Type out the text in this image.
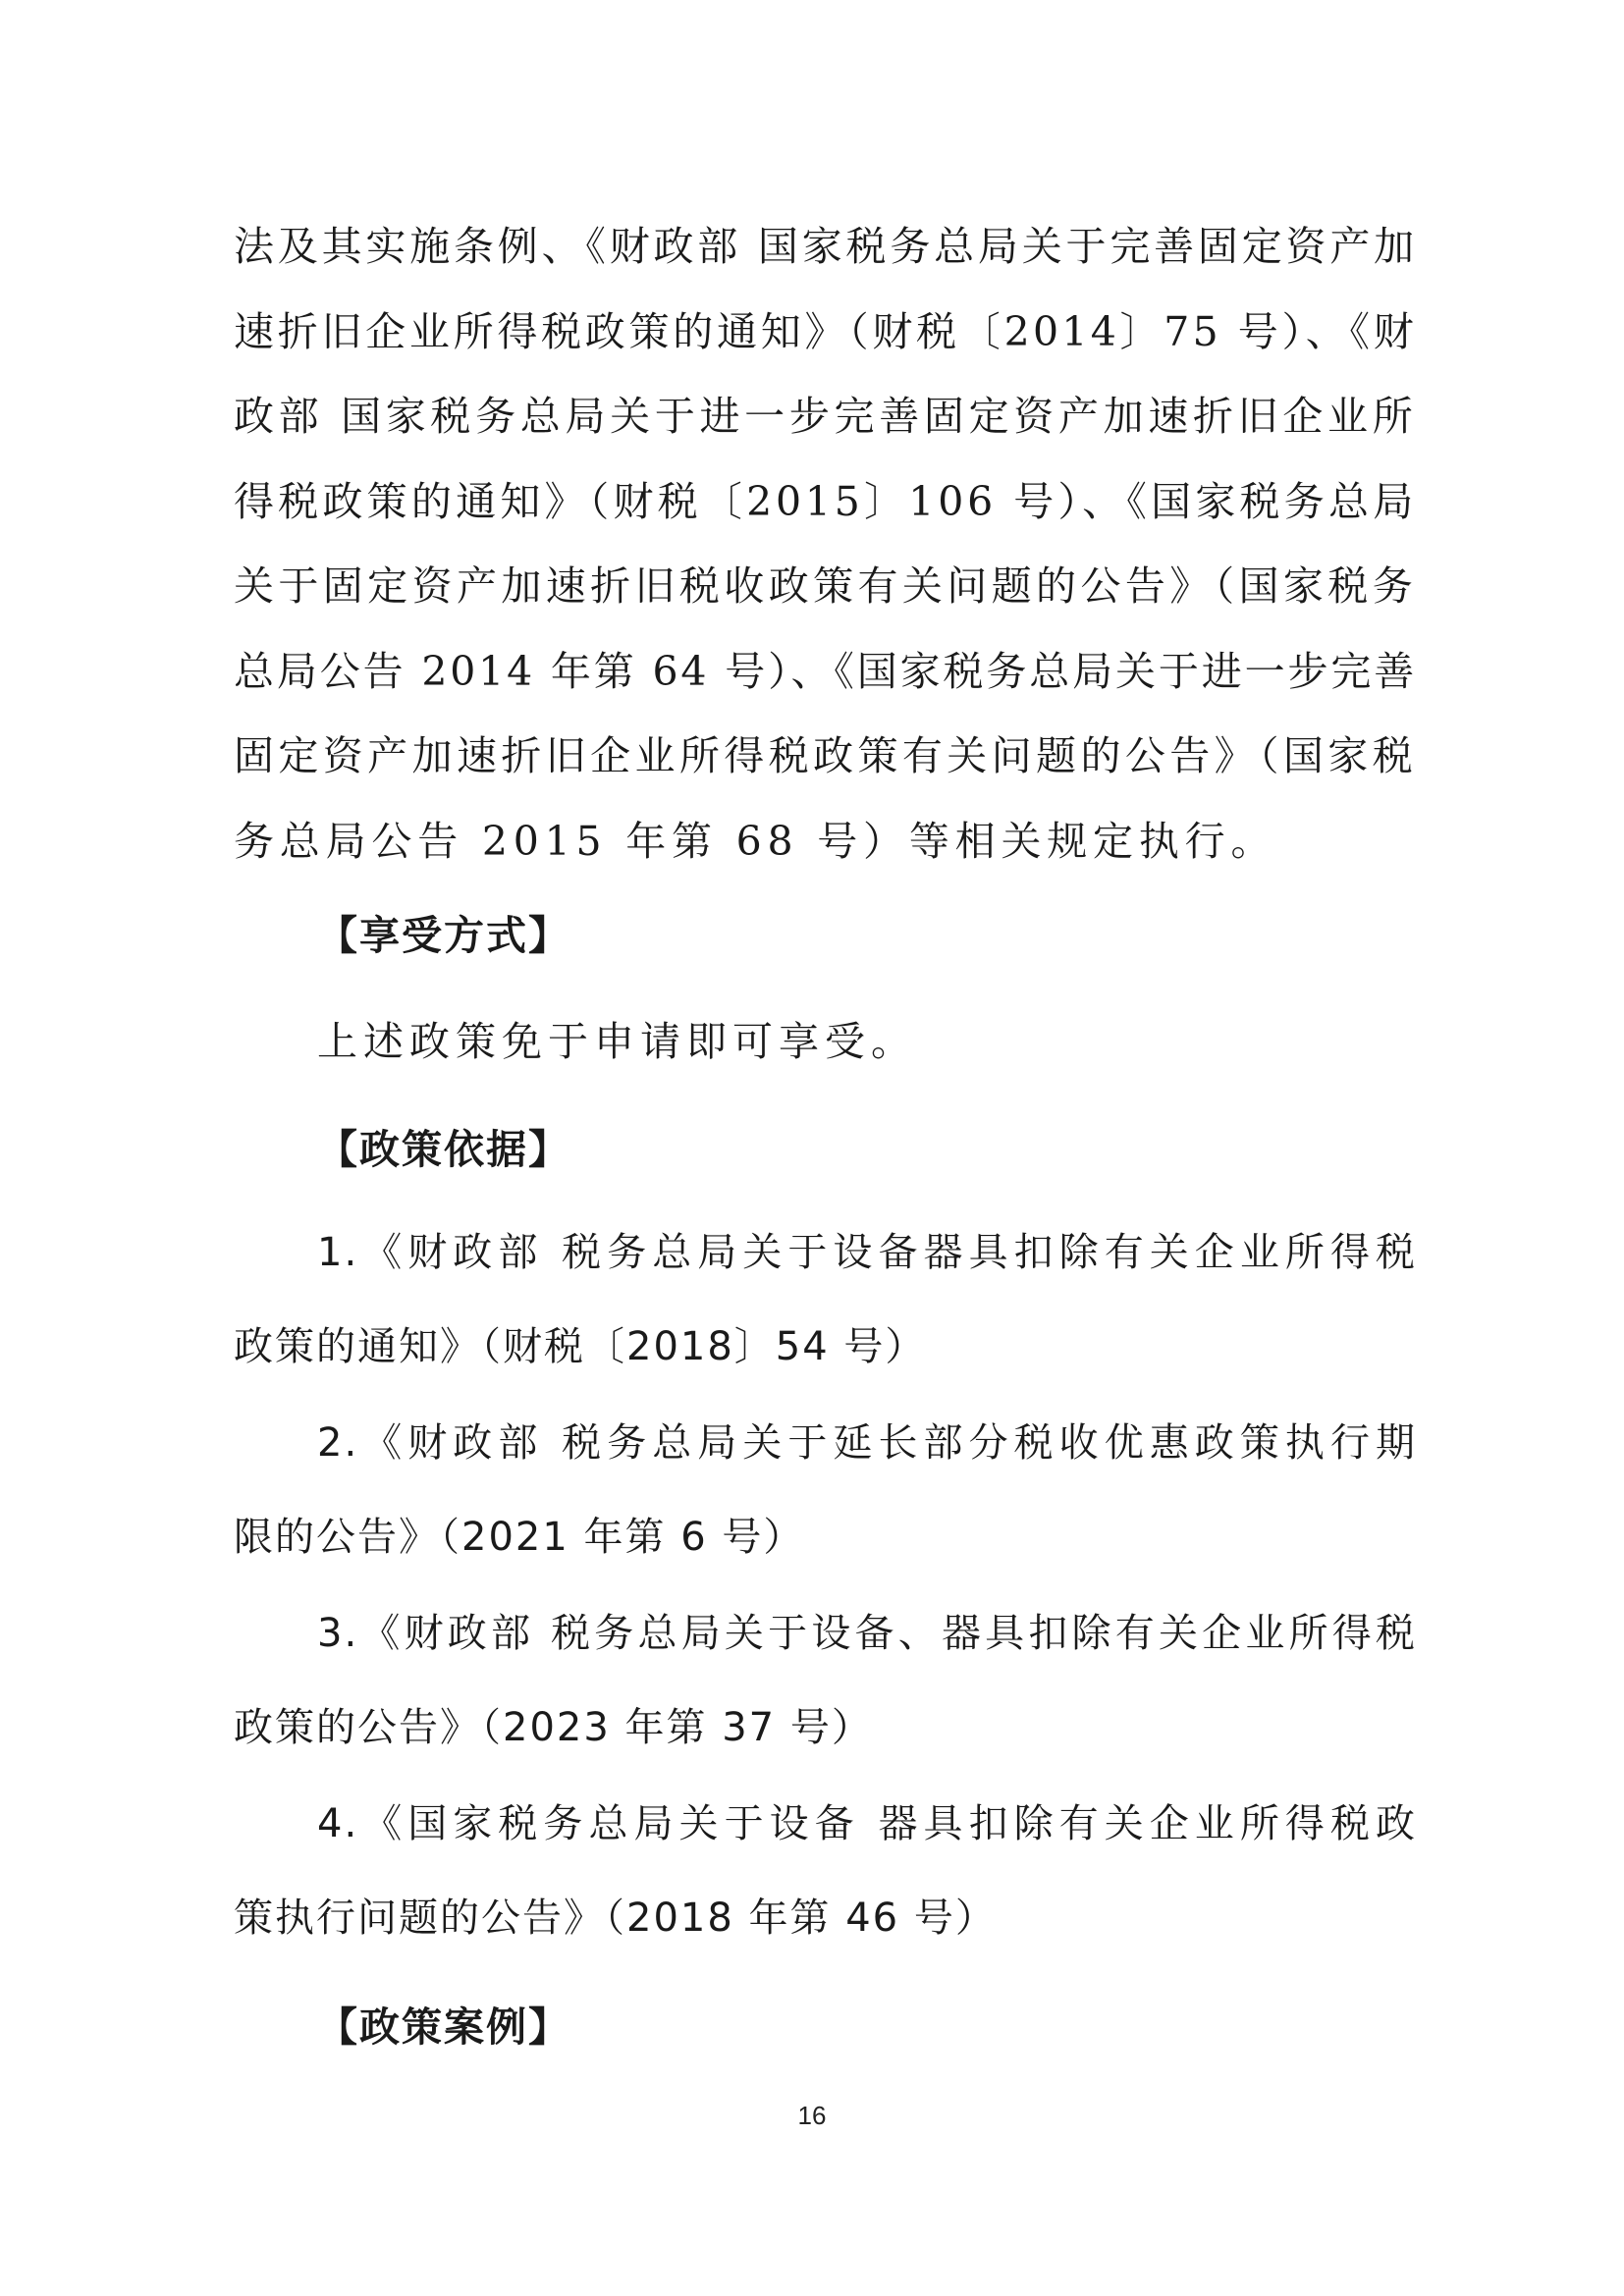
法及其实施条例、《财政部 国家税务总局关于完善固定资产加
速折旧企业所得税政策的通知》（财税〔2014〕75 号）、《财
政部 国家税务总局关于进一步完善固定资产加速折旧企业所
得税政策的通知》（财税〔2015〕106 号）、《国家税务总局
关于固定资产加速折旧税收政策有关问题的公告》（国家税务
总局公告 2014 年第 64 号）、《国家税务总局关于进一步完善
固定资产加速折旧企业所得税政策有关问题的公告》（国家税
务总局公告 2015 年第 68 号）等相关规定执行。
【享受方式】
上述政策免于申请即可享受。
【政策依据】
1.《财政部 税务总局关于设备器具扣除有关企业所得税
政策的通知》（财税〔2018〕54 号）
2.《财政部 税务总局关于延长部分税收优惠政策执行期
限的公告》（2021 年第 6 号）
3.《财政部 税务总局关于设备、器具扣除有关企业所得税
政策的公告》（2023 年第 37 号）
4.《国家税务总局关于设备 器具扣除有关企业所得税政
策执行问题的公告》（2018 年第 46 号）
【政策案例】
16
